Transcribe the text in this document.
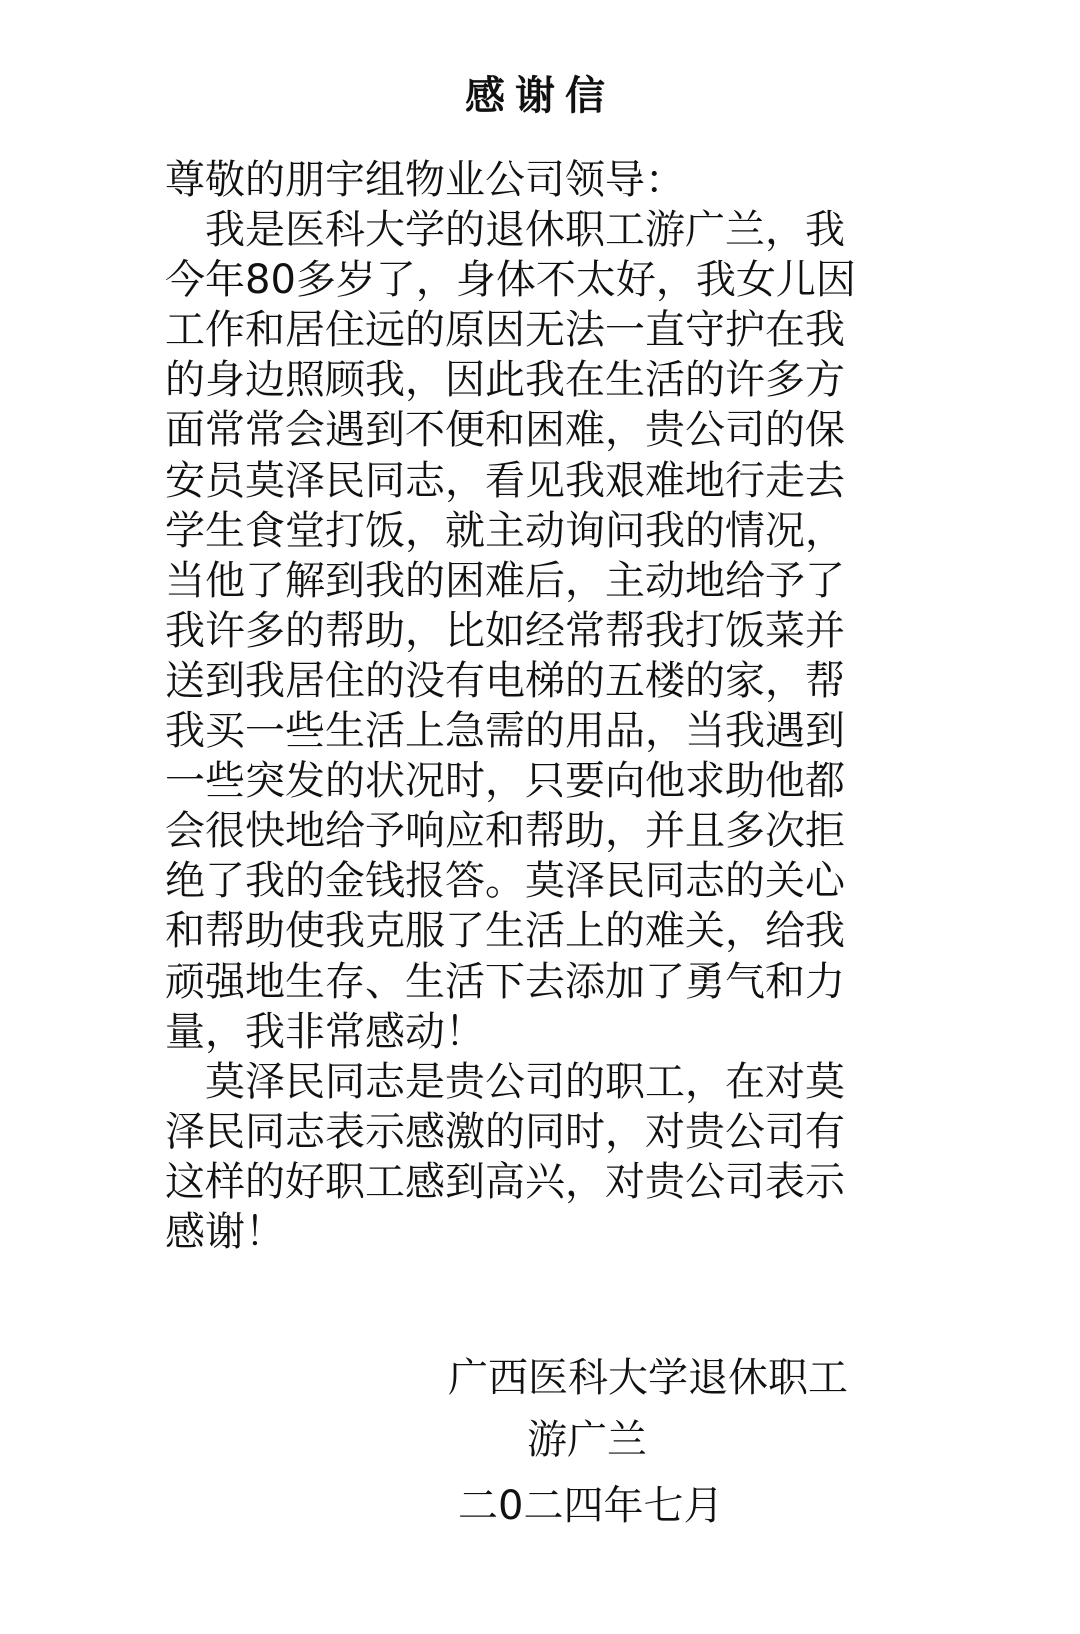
感谢信
尊敬的朋宇组物业公司领导：
　我是医科大学的退休职工游广兰，我
今年80多岁了，身体不太好，我女儿因
工作和居住远的原因无法一直守护在我
的身边照顾我，因此我在生活的许多方
面常常会遇到不便和困难，贵公司的保
安员莫泽民同志，看见我艰难地行走去
学生食堂打饭，就主动询问我的情况，
当他了解到我的困难后，主动地给予了
我许多的帮助，比如经常帮我打饭菜并
送到我居住的没有电梯的五楼的家，帮
我买一些生活上急需的用品，当我遇到
一些突发的状况时，只要向他求助他都
会很快地给予响应和帮助，并且多次拒
绝了我的金钱报答。莫泽民同志的关心
和帮助使我克服了生活上的难关，给我
顽强地生存、生活下去添加了勇气和力
量，我非常感动！
　莫泽民同志是贵公司的职工，在对莫
泽民同志表示感激的同时，对贵公司有
这样的好职工感到高兴，对贵公司表示
感谢！
广西医科大学退休职工
游广兰
二0二四年七月
